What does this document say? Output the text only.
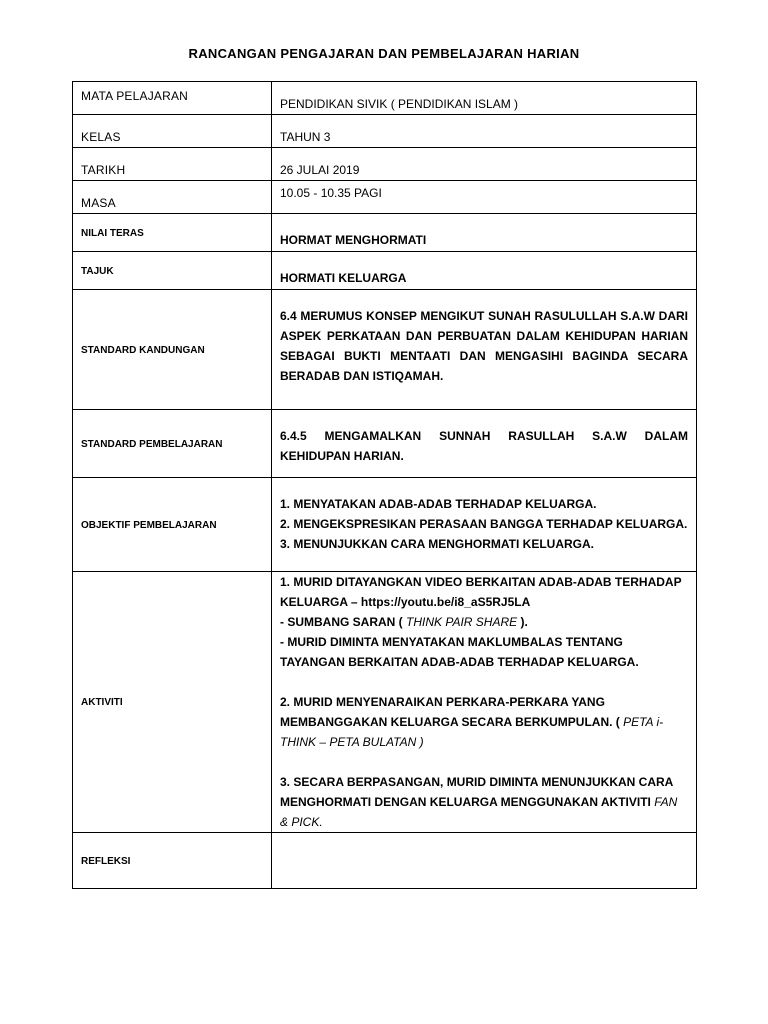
RANCANGAN PENGAJARAN DAN PEMBELAJARAN HARIAN
MATA PELAJARAN	PENDIDIKAN SIVIK ( PENDIDIKAN ISLAM )
KELAS	TAHUN 3
TARIKH	26 JULAI 2019
MASA	10.05 - 10.35 PAGI
NILAI TERAS	HORMAT MENGHORMATI
TAJUK	HORMATI KELUARGA
STANDARD KANDUNGAN	6.4 MERUMUS KONSEP MENGIKUT SUNAH RASULULLAH S.A.W DARI ASPEK PERKATAAN DAN PERBUATAN DALAM KEHIDUPAN HARIAN SEBAGAI BUKTI MENTAATI DAN MENGASIHI BAGINDA SECARA BERADAB DAN ISTIQAMAH.

STANDARD PEMBELAJARAN	6.4.5 MENGAMALKAN SUNNAH RASULLAH S.A.W DALAM KEHIDUPAN HARIAN.

OBJEKTIF PEMBELAJARAN	1. MENYATAKAN ADAB-ADAB TERHADAP KELUARGA.

2. MENGEKSPRESIKAN PERASAAN BANGGA TERHADAP KELUARGA.

3. MENUNJUKKAN CARA MENGHORMATI KELUARGA.

AKTIVITI	1. MURID DITAYANGKAN VIDEO BERKAITAN ADAB-ADAB TERHADAP KELUARGA – https://youtu.be/i8_aS5RJ5LA

- SUMBANG SARAN ( THINK PAIR SHARE ).

- MURID DIMINTA MENYATAKAN MAKLUMBALAS TENTANG TAYANGAN BERKAITAN ADAB-ADAB TERHADAP KELUARGA.

2. MURID MENYENARAIKAN PERKARA-PERKARA YANG MEMBANGGAKAN KELUARGA SECARA BERKUMPULAN. ( PETA i-THINK – PETA BULATAN )

3. SECARA BERPASANGAN, MURID DIMINTA MENUNJUKKAN CARA MENGHORMATI DENGAN KELUARGA MENGGUNAKAN AKTIVITI FAN & PICK.

REFLEKSI	
